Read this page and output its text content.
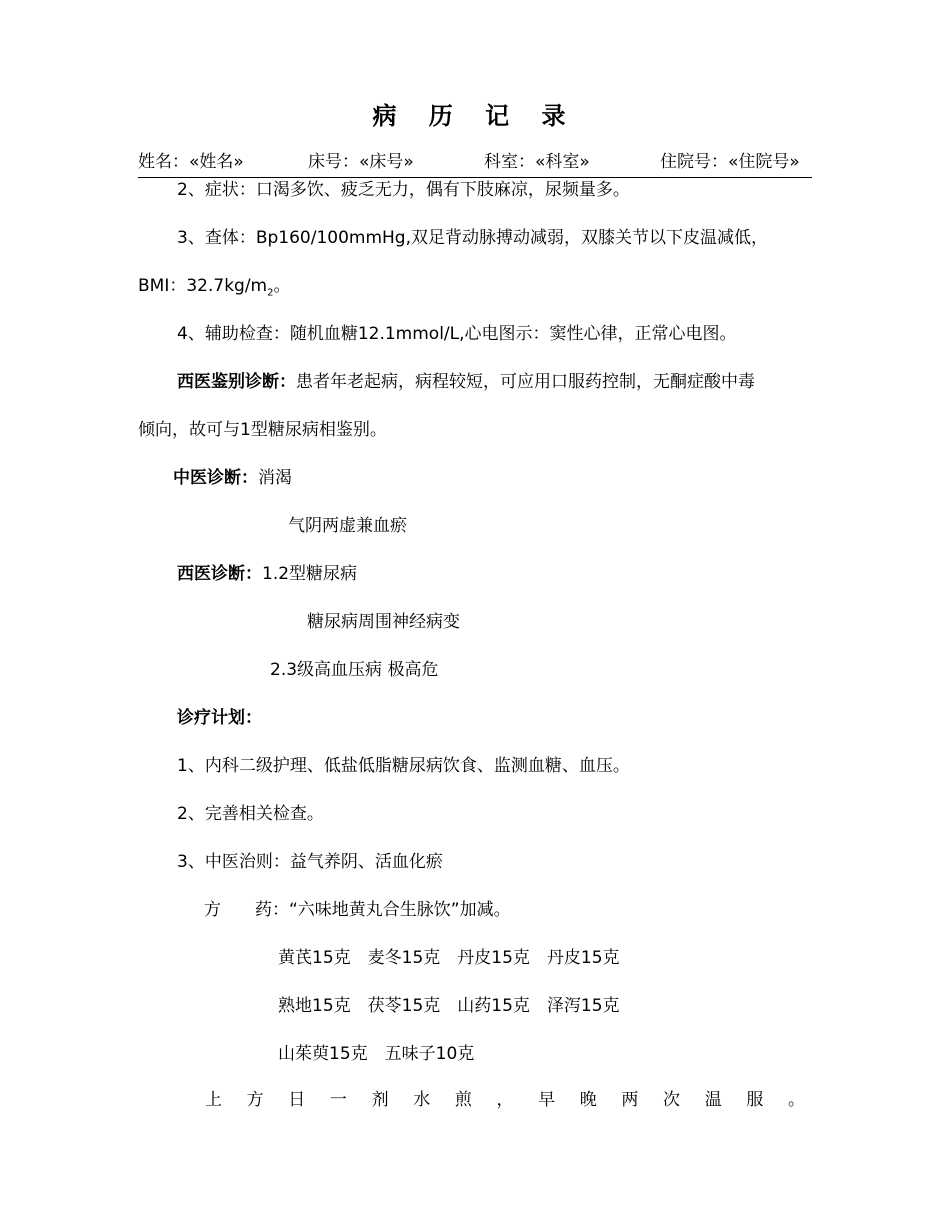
病 历 记 录
姓名：«姓名»	床号：«床号»	科室：«科室»	住院号：«住院号»
2、症状：口渴多饮、疲乏无力，偶有下肢麻凉，尿频量多。
3、查体：Bp160/100mmHg,双足背动脉搏动减弱，双膝关节以下皮温减低，
BMI：$32.7kg/m_2$。
4、辅助检查：随机血糖12.1mmol/L,心电图示：窦性心律，正常心电图。
西医鉴别诊断：患者年老起病，病程较短，可应用口服药控制，无酮症酸中毒
倾向，故可与1型糖尿病相鉴别。
中医诊断：消渴
气阴两虚兼血瘀
西医诊断：1.2型糖尿病
糖尿病周围神经病变
2.3级高血压病 极高危
诊疗计划：
1、内科二级护理、低盐低脂糖尿病饮食、监测血糖、血压。
2、完善相关检查。
3、中医治则：益气养阴、活血化瘀
方　　药：“六味地黄丸合生脉饮”加减。
黄芪15克　麦冬15克　丹皮15克　丹皮15克
熟地15克　茯苓15克　山药15克　泽泻15克
山茱萸15克　五味子10克
上 方 日 一 剂 水 煎 ， 早 晚 两 次 温 服 。
